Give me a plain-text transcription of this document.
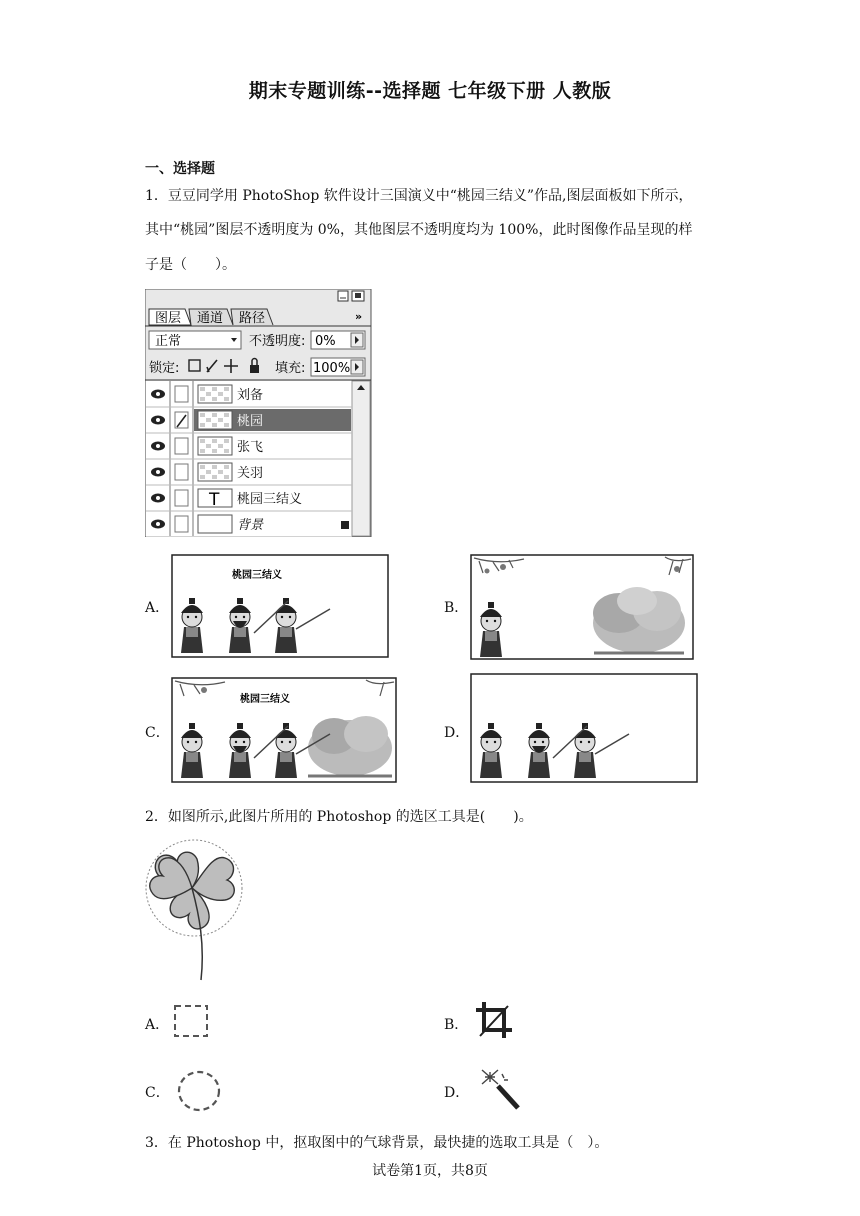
期末专题训练--选择题 七年级下册 人教版
一、选择题
1．豆豆同学用 PhotoShop 软件设计三国演义中“桃园三结义”作品,图层面板如下所示，
其中“桃园”图层不透明度为 0%，其他图层不透明度均为 100%，此时图像作品呈现的样
子是（　　）。
图层 通道 路径	»
正常	不透明度: 0%
锁定:	填充: 100%
刘备
桃园
张飞
关羽
T 桃园三结义
背景
A．
桃园三结义
B．
C．
桃园三结义
D．
2．如图所示,此图片所用的 Photoshop 的选区工具是(　　)。
A．	B．
C．	D．
3．在 Photoshop 中，抠取图中的气球背景，最快捷的选取工具是（　）。
试卷第1页，共8页
